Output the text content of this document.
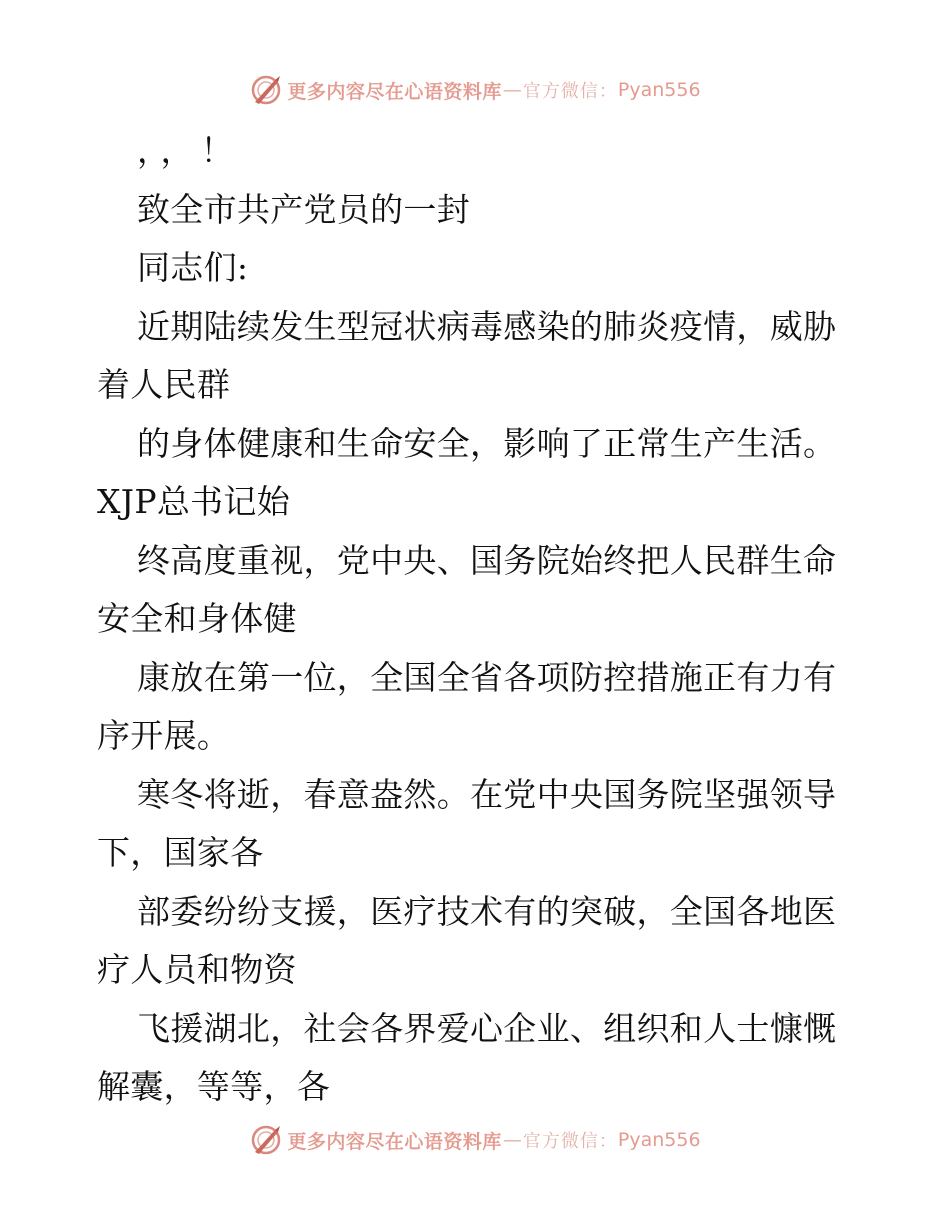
更多内容尽在心语资料库 — 官方微信： Pyan556
，，！
致全市共产党员的一封
同志们:
近期陆续发生型冠状病毒感染的肺炎疫情，威胁
着人民群
的身体健康和生命安全，影响了正常生产生活。
XJP总书记始
终高度重视，党中央、国务院始终把人民群生命
安全和身体健
康放在第一位，全国全省各项防控措施正有力有
序开展。
寒冬将逝，春意盎然。在党中央国务院坚强领导
下，国家各
部委纷纷支援，医疗技术有的突破，全国各地医
疗人员和物资
飞援湖北，社会各界爱心企业、组织和人士慷慨
解囊，等等，各
更多内容尽在心语资料库 — 官方微信： Pyan556
